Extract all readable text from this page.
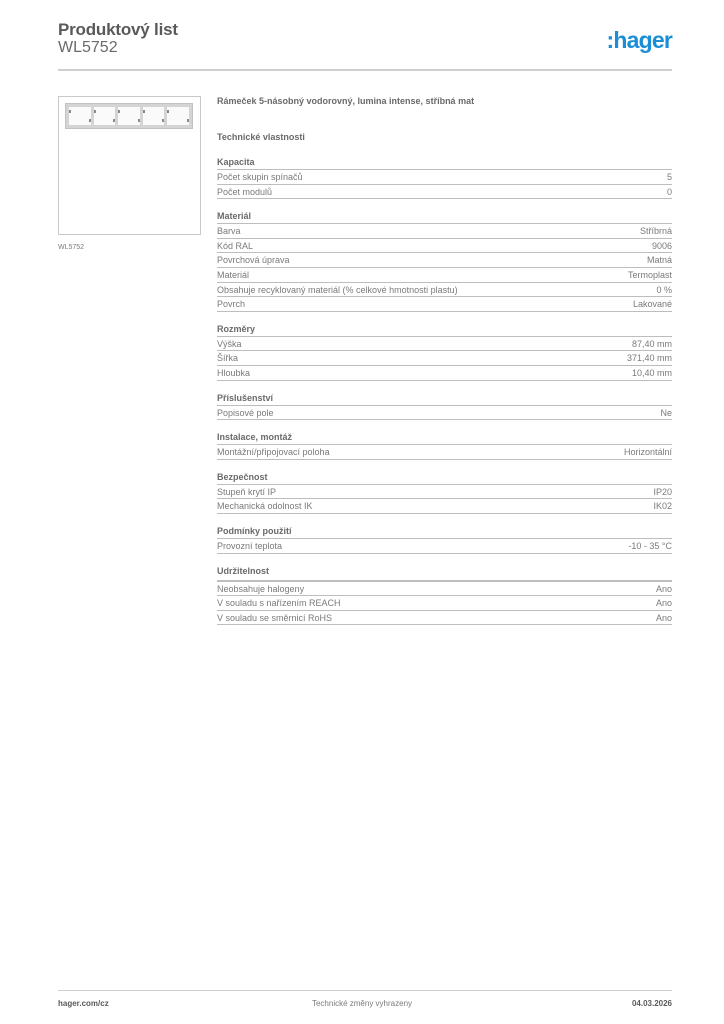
Produktový list
WL5752	:hager
WL5752
Rámeček 5-násobný vodorovný, lumina intense, stříbná mat
Technické vlastnosti
Kapacita
Počet skupin spínačů	5
Počet modulů	0
Materiál
Barva	Stříbrná
Kód RAL	9006
Povrchová úprava	Matná
Materiál	Termoplast
Obsahuje recyklovaný materiál (% celkové hmotnosti plastu)	0 %
Povrch	Lakované
Rozměry
Výška	87,40 mm
Šířka	371,40 mm
Hloubka	10,40 mm
Příslušenství
Popisové pole	Ne
Instalace, montáž
Montážní/připojovací poloha	Horizontální
Bezpečnost
Stupeň krytí IP	IP20
Mechanická odolnost IK	IK02
Podmínky použití
Provozní teplota	-10 - 35 °C
Udržitelnost
Neobsahuje halogeny	Ano
V souladu s nařízením REACH	Ano
V souladu se směrnicí RoHS	Ano
hager.com/cz	Technické změny vyhrazeny	04.03.2026
